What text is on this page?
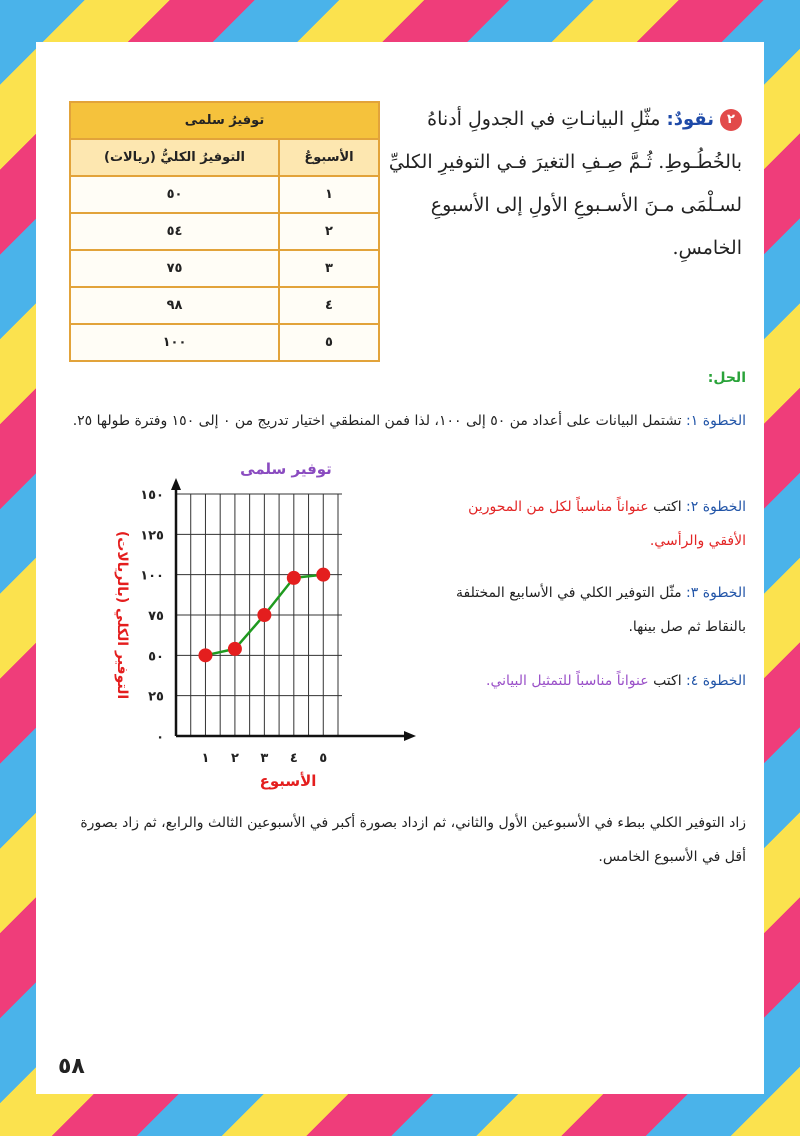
توفيرُ سلمى	
الأسبوعُ	التوفيرُ الكليُّ (ريالات)
١	٥٠
٢	٥٤
٣	٧٥
٤	٩٨
٥	١٠٠
٢ نقودٌ: مثّلِ البيانـاتِ في الجدولِ أدناهُ بالخُطُـوطِ. ثُـمَّ صِـفِ التغيرَ فـي التوفيرِ الكليِّ لسـلْمَى مـنَ الأسـبوعِ الأولِ إلى الأسبوعِ الخامسِ.
الحل:
الخطوة ١: تشتمل البيانات على أعداد من ٥٠ إلى ١٠٠، لذا فمن المنطقي اختيار تدريج من ٠ إلى ١٥٠ وفترة طولها ٢٥.
الخطوة ٢: اكتب عنواناً مناسباً لكل من المحورين الأفقي والرأسي.
الخطوة ٣: مثّل التوفير الكلي في الأسابيع المختلفة بالنقاط ثم صل بينها.
الخطوة ٤: اكتب عنواناً مناسباً للتمثيل البياني.
٠
٢٥
٥٠
٧٥
١٠٠
١٢٥
١٥٠
١ ٢ ٣ ٤ ٥
توفير سلمى
الأسبوع
التوفير الكلي (بالريالات)
زاد التوفير الكلي ببطء في الأسبوعين الأول والثاني، ثم ازداد بصورة أكبر في الأسبوعين الثالث والرابع، ثم زاد بصورة أقل في الأسبوع الخامس.
٥٨
